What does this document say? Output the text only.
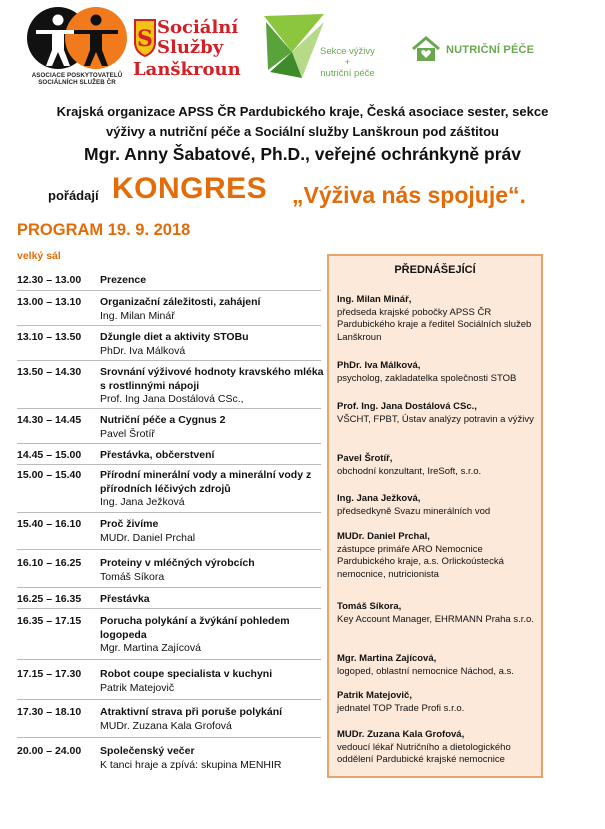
ASOCIACE POSKYTOVATELŮ
SOCIÁLNÍCH SLUŽEB ČR
S Sociální
Služby
Lanškroun
Sekce výživy
+
nutriční péče
NUTRIČNÍ PÉČE
Krajská organizace APSS ČR Pardubického kraje, Česká asociace sester, sekce
výživy a nutriční péče a Sociální služby Lanškroun pod záštitou
Mgr. Anny Šabatové, Ph.D., veřejné ochránkyně práv
pořádají KONGRES „Výživa nás spojuje“.
PROGRAM 19. 9. 2018
velký sál
12.30 – 13.00	Prezence
13.00 – 13.10	Organizační záležitosti, zahájení
Ing. Milan Minář
13.10 – 13.50	Džungle diet a aktivity STOBu
PhDr. Iva Málková
13.50 – 14.30	Srovnání výživové hodnoty kravského mléka s rostlinnými nápoji
Prof. Ing Jana Dostálová CSc.,
14.30 – 14.45	Nutriční péče a Cygnus 2
Pavel Šrotíř
14.45 – 15.00	Přestávka, občerstvení
15.00 – 15.40	Přírodní minerální vody a minerální vody z přírodních léčivých zdrojů
Ing. Jana Ježková
15.40 – 16.10	Proč živíme
MUDr. Daniel Prchal
16.10 – 16.25	Proteiny v mléčných výrobcích
Tomáš Síkora
16.25 – 16.35	Přestávka
16.35 – 17.15	Porucha polykání a žvýkání pohledem logopeda
Mgr. Martina Zajícová
17.15 – 17.30	Robot coupe specialista v kuchyni
Patrik Matejovič
17.30 – 18.10	Atraktivní strava při poruše polykání
MUDr. Zuzana Kala Grofová
20.00 – 24.00	Společenský večer
K tanci hraje a zpívá: skupina MENHIR
PŘEDNÁŠEJÍCÍ
Ing. Milan Minář,
předseda krajské pobočky APSS ČR Pardubického kraje a ředitel Sociálních služeb Lanškroun
PhDr. Iva Málková,
psycholog, zakladatelka společnosti STOB
Prof. Ing. Jana Dostálová CSc.,
VŠCHT, FPBT, Ústav analýzy potravin a výživy
Pavel Šrotíř,
obchodní konzultant, IreSoft, s.r.o.
Ing. Jana Ježková,
předsedkyně Svazu minerálních vod
MUDr. Daniel Prchal,
zástupce primáře ARO Nemocnice Pardubického kraje, a.s. Orlickoústecká nemocnice, nutricionista
Tomáš Síkora,
Key Account Manager, EHRMANN Praha s.r.o.
Mgr. Martina Zajícová,
logoped, oblastní nemocnice Náchod, a.s.
Patrik Matejovič,
jednatel TOP Trade Profi s.r.o.
MUDr. Zuzana Kala Grofová,
vedoucí lékař Nutričního a dietologického oddělení Pardubické krajské nemocnice
